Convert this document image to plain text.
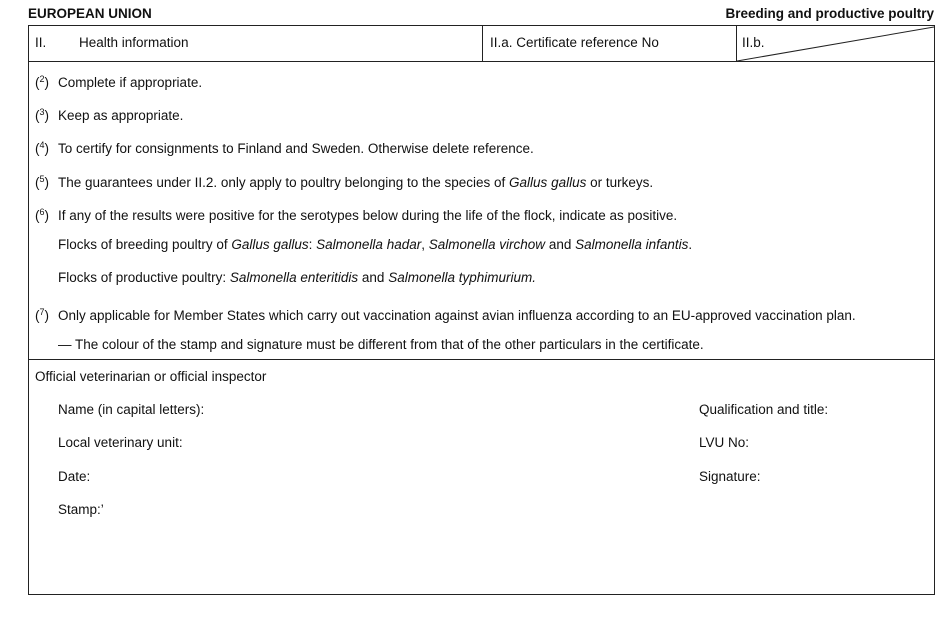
EUROPEAN UNION	Breeding and productive poultry
II. Health information	II.a. Certificate reference No	II.b.
($^2$) Complete if appropriate.
($^3$) Keep as appropriate.
($^4$) To certify for consignments to Finland and Sweden. Otherwise delete reference.
($^5$) The guarantees under II.2. only apply to poultry belonging to the species of Gallus gallus or turkeys.
($^6$) If any of the results were positive for the serotypes below during the life of the flock, indicate as positive.
Flocks of breeding poultry of Gallus gallus: Salmonella hadar, Salmonella virchow and Salmonella infantis.
Flocks of productive poultry: Salmonella enteritidis and Salmonella typhimurium.
($^7$) Only applicable for Member States which carry out vaccination against avian influenza according to an EU-approved vaccination plan.
— The colour of the stamp and signature must be different from that of the other particulars in the certificate.
Official veterinarian or official inspector
Name (in capital letters):	Qualification and title:
Local veterinary unit:	LVU No:
Date:	Signature:
Stamp:’
